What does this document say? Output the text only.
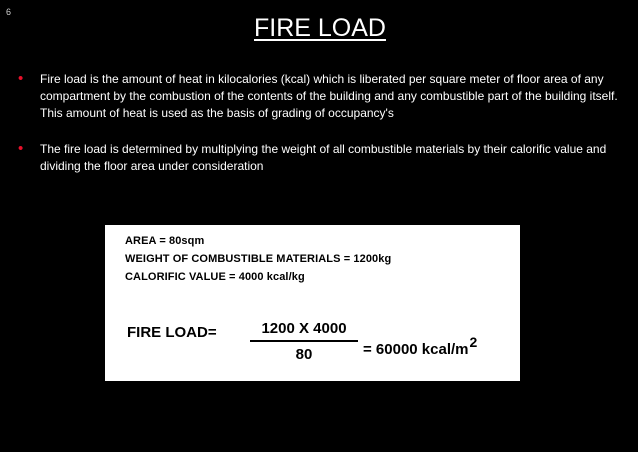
6
FIRE LOAD
• Fire load is the amount of heat in kilocalories (kcal) which is liberated per square meter of floor area of any compartment by the combustion of the contents of the building and any combustible part of the building itself. This amount of heat is used as the basis of grading of occupancy's
• The fire load is determined by multiplying the weight of all combustible materials by their calorific value and dividing the floor area under consideration
AREA = 80sqm
WEIGHT OF COMBUSTIBLE MATERIALS = 1200kg
CALORIFIC VALUE = 4000 kcal/kg
FIRE LOAD=	1200 X 4000
80	= 60000 kcal/$m^2$
